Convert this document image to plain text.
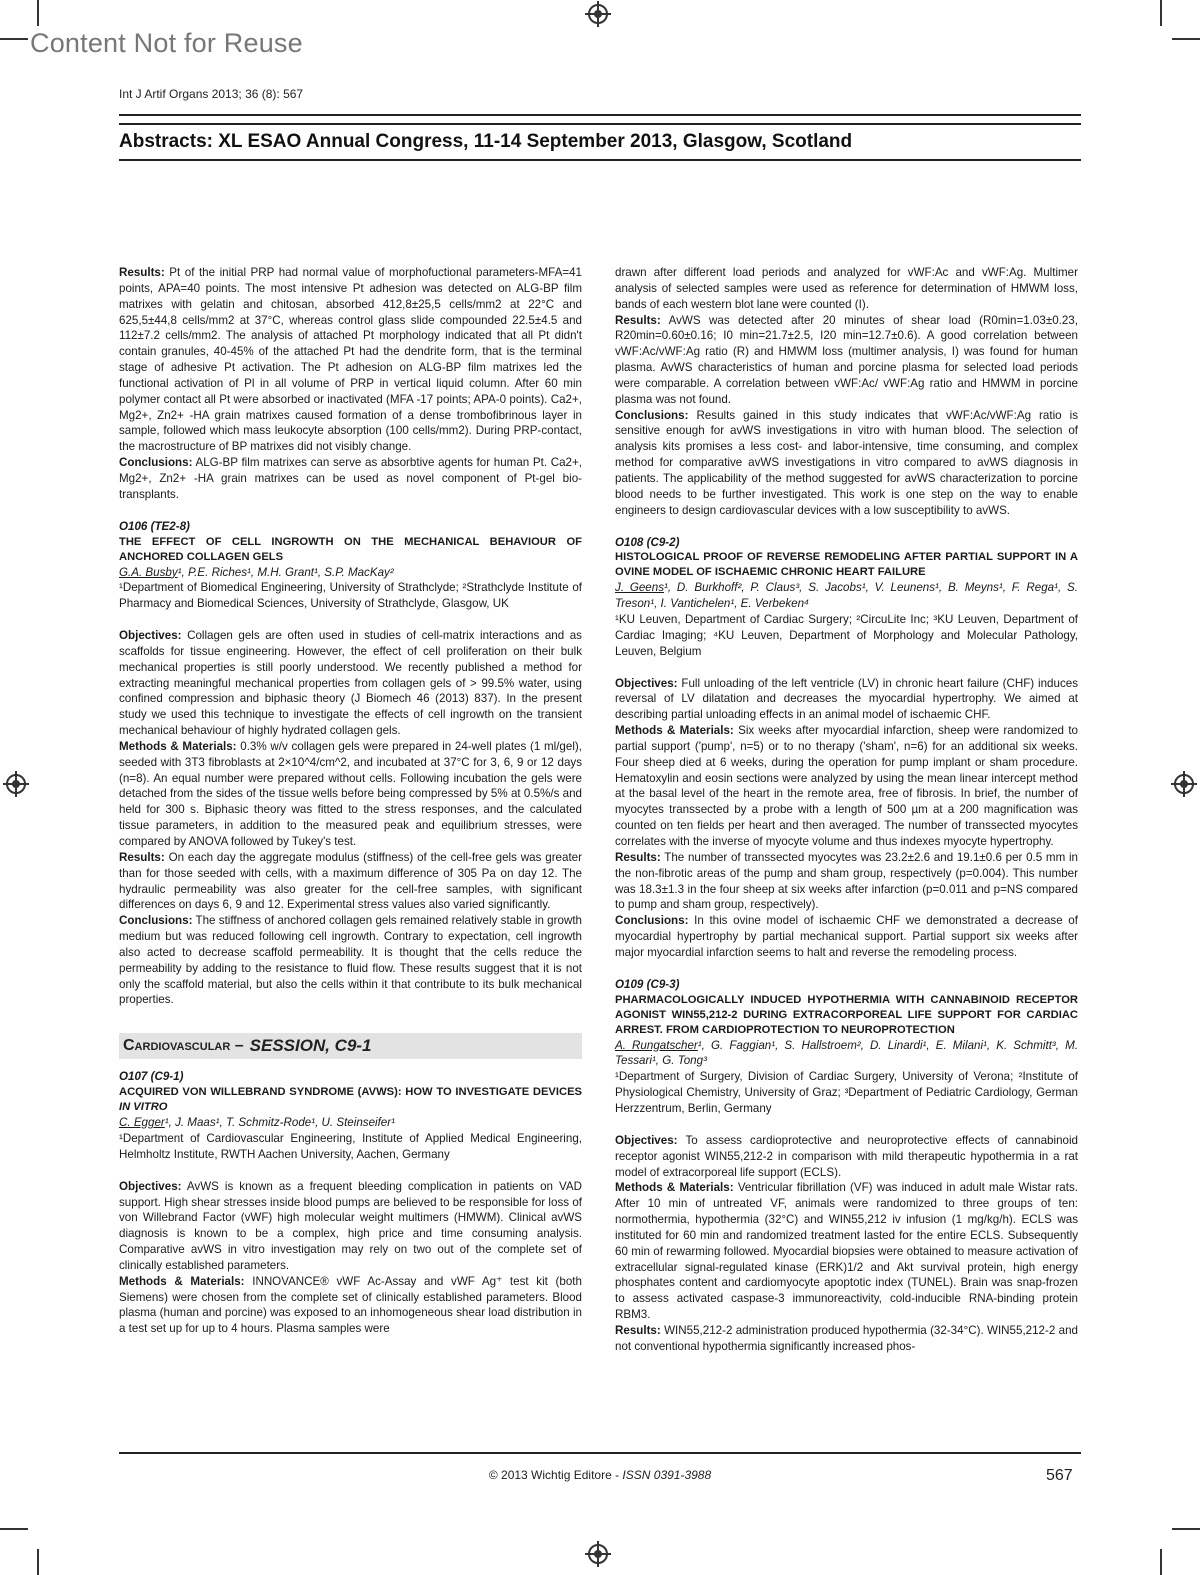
Content Not for Reuse
Int J Artif Organs 2013; 36 (8): 567
Abstracts: XL ESAO Annual Congress, 11-14 September 2013, Glasgow, Scotland

Results: Pt of the initial PRP had normal value of morphofuctional parameters-MFA=41 points, APA=40 points. The most intensive Pt adhesion was detected on ALG-BP film matrixes with gelatin and chitosan, absorbed 412,8±25,5 cells/mm2 at 22°C and 625,5±44,8 cells/mm2 at 37°C, whereas control glass slide compounded 22.5±4.5 and 112±7.2 cells/mm2. The analysis of attached Pt morphology indicated that all Pt didn't contain granules, 40-45% of the attached Pt had the dendrite form, that is the terminal stage of adhesive Pt activation. The Pt adhesion on ALG-BP film matrixes led the functional activation of Pl in all volume of PRP in vertical liquid column. After 60 min polymer contact all Pt were absorbed or inactivated (MFA -17 points; APA-0 points). Ca2+, Mg2+, Zn2+ -HA grain matrixes caused formation of a dense trombofibrinous layer in sample, followed which mass leukocyte absorption (100 cells/mm2). During PRP-contact, the macrostructure of BP matrixes did not visibly change.

Conclusions: ALG-BP film matrixes can serve as absorbtive agents for human Pt. Ca2+, Mg2+, Zn2+ -HA grain matrixes can be used as novel component of Pt-gel bio-transplants.

O106 (TE2-8)

THE EFFECT OF CELL INGROWTH ON THE MECHANICAL BEHAVIOUR OF ANCHORED COLLAGEN GELS

G.A. Busby¹, P.E. Riches¹, M.H. Grant¹, S.P. MacKay²

¹Department of Biomedical Engineering, University of Strathclyde; ²Strathclyde Institute of Pharmacy and Biomedical Sciences, University of Strathclyde, Glasgow, UK

Objectives: Collagen gels are often used in studies of cell-matrix interactions and as scaffolds for tissue engineering. However, the effect of cell proliferation on their bulk mechanical properties is still poorly understood. We recently published a method for extracting meaningful mechanical properties from collagen gels of > 99.5% water, using confined compression and biphasic theory (J Biomech 46 (2013) 837). In the present study we used this technique to investigate the effects of cell ingrowth on the transient mechanical behaviour of highly hydrated collagen gels.

Methods & Materials: 0.3% w/v collagen gels were prepared in 24-well plates (1 ml/gel), seeded with 3T3 fibroblasts at 2×10^4/cm^2, and incubated at 37°C for 3, 6, 9 or 12 days (n=8). An equal number were prepared without cells. Following incubation the gels were detached from the sides of the tissue wells before being compressed by 5% at 0.5%/s and held for 300 s. Biphasic theory was fitted to the stress responses, and the calculated tissue parameters, in addition to the measured peak and equilibrium stresses, were compared by ANOVA followed by Tukey's test.

Results: On each day the aggregate modulus (stiffness) of the cell-free gels was greater than for those seeded with cells, with a maximum difference of 305 Pa on day 12. The hydraulic permeability was also greater for the cell-free samples, with significant differences on days 6, 9 and 12. Experimental stress values also varied significantly.

Conclusions: The stiffness of anchored collagen gels remained relatively stable in growth medium but was reduced following cell ingrowth. Contrary to expectation, cell ingrowth also acted to decrease scaffold permeability. It is thought that the cells reduce the permeability by adding to the resistance to fluid flow. These results suggest that it is not only the scaffold material, but also the cells within it that contribute to its bulk mechanical properties.

Cardiovascular – SESSION, C9-1

O107 (C9-1)

ACQUIRED VON WILLEBRAND SYNDROME (AVWS): HOW TO INVESTIGATE DEVICES IN VITRO

C. Egger¹, J. Maas¹, T. Schmitz-Rode¹, U. Steinseifer¹

¹Department of Cardiovascular Engineering, Institute of Applied Medical Engineering, Helmholtz Institute, RWTH Aachen University, Aachen, Germany

Objectives: AvWS is known as a frequent bleeding complication in patients on VAD support. High shear stresses inside blood pumps are believed to be responsible for loss of von Willebrand Factor (vWF) high molecular weight multimers (HMWM). Clinical avWS diagnosis is known to be a complex, high price and time consuming analysis. Comparative avWS in vitro investigation may rely on two out of the complete set of clinically established parameters.

Methods & Materials: INNOVANCE® vWF Ac-Assay and vWF Ag⁺ test kit (both Siemens) were chosen from the complete set of clinically established parameters. Blood plasma (human and porcine) was exposed to an inhomogeneous shear load distribution in a test set up for up to 4 hours. Plasma samples were

drawn after different load periods and analyzed for vWF:Ac and vWF:Ag. Multimer analysis of selected samples were used as reference for determination of HMWM loss, bands of each western blot lane were counted (I).

Results: AvWS was detected after 20 minutes of shear load (R0min=1.03±0.23, R20min=0.60±0.16; I0 min=21.7±2.5, I20 min=12.7±0.6). A good correlation between vWF:Ac/vWF:Ag ratio (R) and HMWM loss (multimer analysis, I) was found for human plasma. AvWS characteristics of human and porcine plasma for selected load periods were comparable. A correlation between vWF:Ac/ vWF:Ag ratio and HMWM in porcine plasma was not found.

Conclusions: Results gained in this study indicates that vWF:Ac/vWF:Ag ratio is sensitive enough for avWS investigations in vitro with human blood. The selection of analysis kits promises a less cost- and labor-intensive, time consuming, and complex method for comparative avWS investigations in vitro compared to avWS diagnosis in patients. The applicability of the method suggested for avWS characterization to porcine blood needs to be further investigated. This work is one step on the way to enable engineers to design cardiovascular devices with a low susceptibility to avWS.

O108 (C9-2)

HISTOLOGICAL PROOF OF REVERSE REMODELING AFTER PARTIAL SUPPORT IN A OVINE MODEL OF ISCHAEMIC CHRONIC HEART FAILURE

J. Geens¹, D. Burkhoff², P. Claus³, S. Jacobs¹, V. Leunens¹, B. Meyns¹, F. Rega¹, S. Treson¹, I. Vantichelen¹, E. Verbeken⁴

¹KU Leuven, Department of Cardiac Surgery; ²CircuLite Inc; ³KU Leuven, Department of Cardiac Imaging; ⁴KU Leuven, Department of Morphology and Molecular Pathology, Leuven, Belgium

Objectives: Full unloading of the left ventricle (LV) in chronic heart failure (CHF) induces reversal of LV dilatation and decreases the myocardial hypertrophy. We aimed at describing partial unloading effects in an animal model of ischaemic CHF.

Methods & Materials: Six weeks after myocardial infarction, sheep were randomized to partial support ('pump', n=5) or to no therapy ('sham', n=6) for an additional six weeks. Four sheep died at 6 weeks, during the operation for pump implant or sham procedure. Hematoxylin and eosin sections were analyzed by using the mean linear intercept method at the basal level of the heart in the remote area, free of fibrosis. In brief, the number of myocytes transsected by a probe with a length of 500 µm at a 200 magnification was counted on ten fields per heart and then averaged. The number of transsected myocytes correlates with the inverse of myocyte volume and thus indexes myocyte hypertrophy.

Results: The number of transsected myocytes was 23.2±2.6 and 19.1±0.6 per 0.5 mm in the non-fibrotic areas of the pump and sham group, respectively (p=0.004). This number was 18.3±1.3 in the four sheep at six weeks after infarction (p=0.011 and p=NS compared to pump and sham group, respectively).

Conclusions: In this ovine model of ischaemic CHF we demonstrated a decrease of myocardial hypertrophy by partial mechanical support. Partial support six weeks after major myocardial infarction seems to halt and reverse the remodeling process.

O109 (C9-3)

PHARMACOLOGICALLY INDUCED HYPOTHERMIA WITH CANNABINOID RECEPTOR AGONIST WIN55,212-2 DURING EXTRACORPOREAL LIFE SUPPORT FOR CARDIAC ARREST. FROM CARDIOPROTECTION TO NEUROPROTECTION

A. Rungatscher¹, G. Faggian¹, S. Hallstroem², D. Linardi¹, E. Milani¹, K. Schmitt³, M. Tessari¹, G. Tong³

¹Department of Surgery, Division of Cardiac Surgery, University of Verona; ²Institute of Physiological Chemistry, University of Graz; ³Department of Pediatric Cardiology, German Herzzentrum, Berlin, Germany

Objectives: To assess cardioprotective and neuroprotective effects of cannabinoid receptor agonist WIN55,212-2 in comparison with mild therapeutic hypothermia in a rat model of extracorporeal life support (ECLS).

Methods & Materials: Ventricular fibrillation (VF) was induced in adult male Wistar rats. After 10 min of untreated VF, animals were randomized to three groups of ten: normothermia, hypothermia (32°C) and WIN55,212 iv infusion (1 mg/kg/h). ECLS was instituted for 60 min and randomized treatment lasted for the entire ECLS. Subsequently 60 min of rewarming followed. Myocardial biopsies were obtained to measure activation of extracellular signal-regulated kinase (ERK)1/2 and Akt survival protein, high energy phosphates content and cardiomyocyte apoptotic index (TUNEL). Brain was snap-frozen to assess activated caspase-3 immunoreactivity, cold-inducible RNA-binding protein RBM3.

Results: WIN55,212-2 administration produced hypothermia (32-34°C). WIN55,212-2 and not conventional hypothermia significantly increased phos-

© 2013 Wichtig Editore - ISSN 0391-3988	567
